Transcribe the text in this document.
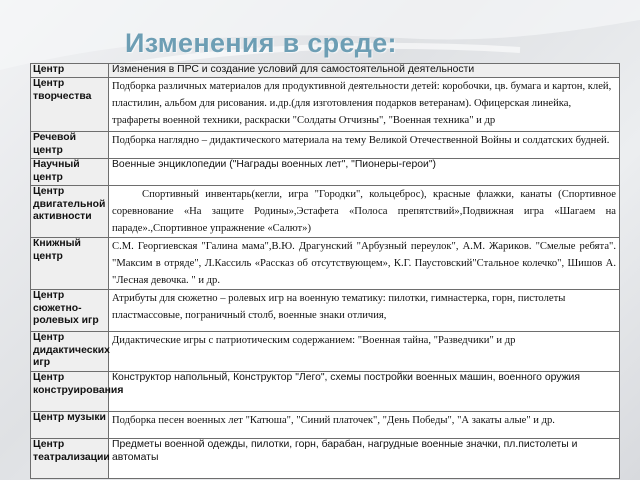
Изменения в среде:
Центр	Изменения в ПРС и создание условий для самостоятельной деятельности
Центр творчества	Подборка различных материалов для продуктивной деятельности детей: коробочки, цв. бумага и картон, клей, пластилин, альбом для рисования. и.др.(для изготовления подарков ветеранам). Офицерская линейка, трафареты военной техники, раскраски "Солдаты Отчизны", "Военная техника" и др
Речевой центр	Подборка наглядно – дидактического материала на тему Великой Отечественной Войны и солдатских будней.
Научный центр	Военные энциклопедии ("Награды военных лет", "Пионеры-герои")
Центр двигательной активности	Спортивный инвентарь(кегли, игра "Городки", кольцеброс), красные флажки, канаты (Спортивное соревнование «На защите Родины»,Эстафета «Полоса препятствий»,Подвижная игра «Шагаем на параде».,Спортивное упражнение «Салют»)
Книжный центр	С.М. Георгиевская "Галина мама",В.Ю. Драгунский "Арбузный переулок", А.М. Жариков. "Смелые ребята". "Максим в отряде", Л.Кассиль «Рассказ об отсутствующем», К.Г. Паустовский"Стальное колечко", Шишов А. "Лесная девочка. " и др.
Центр сюжетно-ролевых игр	Атрибуты для сюжетно – ролевых игр на военную тематику: пилотки, гимнастерка, горн, пистолеты пластмассовые, пограничный столб, военные знаки отличия,
Центр дидактических игр	Дидактические игры с патриотическим содержанием: "Военная тайна, "Разведчики" и др
Центр конструирования	Конструктор напольный, Конструктор "Лего", схемы постройки военных машин, военного оружия
Центр музыки	Подборка песен военных лет "Катюша", "Синий платочек", "День Победы", "А закаты алые" и др.
Центр театрализации	Предметы военной одежды, пилотки, горн, барабан, нагрудные военные значки, пл.пистолеты и автоматы
